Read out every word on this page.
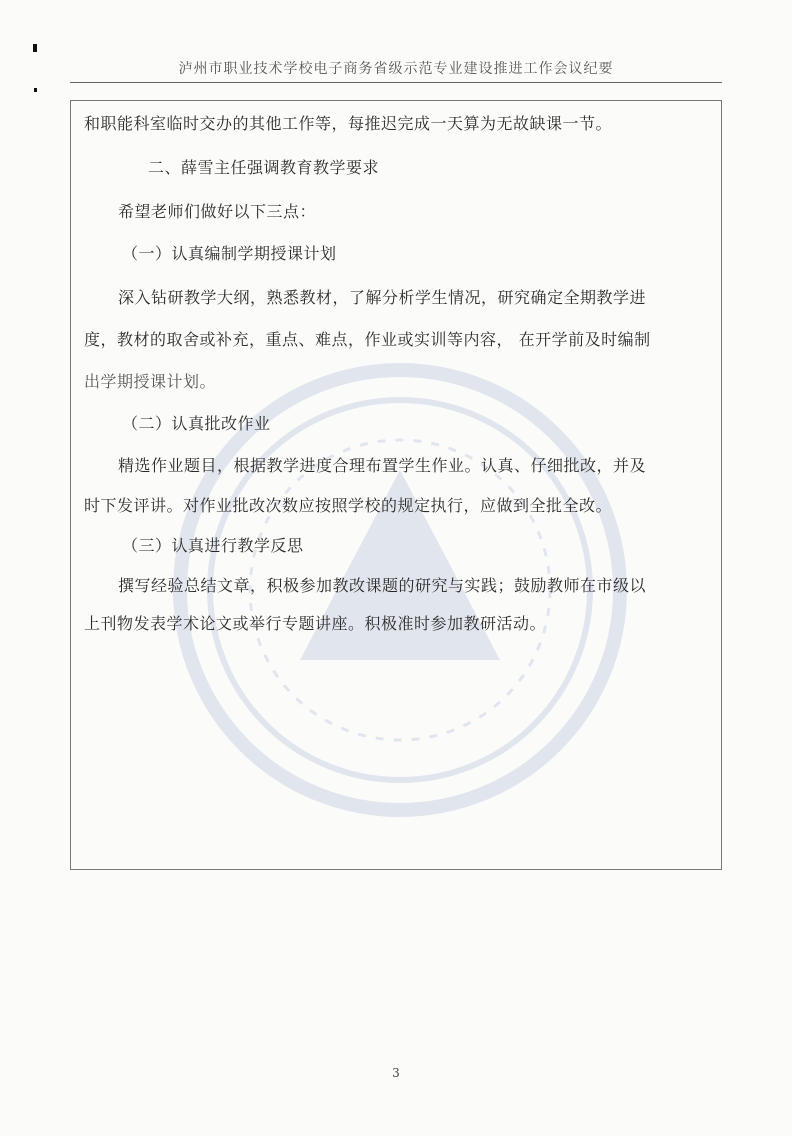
泸州市职业技术学校电子商务省级示范专业建设推进工作会议纪要
和职能科室临时交办的其他工作等，每推迟完成一天算为无故缺课一节。
二、薛雪主任强调教育教学要求
希望老师们做好以下三点：
（一）认真编制学期授课计划
深入钻研教学大纲，熟悉教材，了解分析学生情况，研究确定全期教学进
度，教材的取舍或补充，重点、难点，作业或实训等内容， 在开学前及时编制
出学期授课计划。
（二）认真批改作业
精选作业题目，根据教学进度合理布置学生作业。认真、仔细批改，并及
时下发评讲。对作业批改次数应按照学校的规定执行，应做到全批全改。
（三）认真进行教学反思
撰写经验总结文章，积极参加教改课题的研究与实践；鼓励教师在市级以
上刊物发表学术论文或举行专题讲座。积极准时参加教研活动。
3
